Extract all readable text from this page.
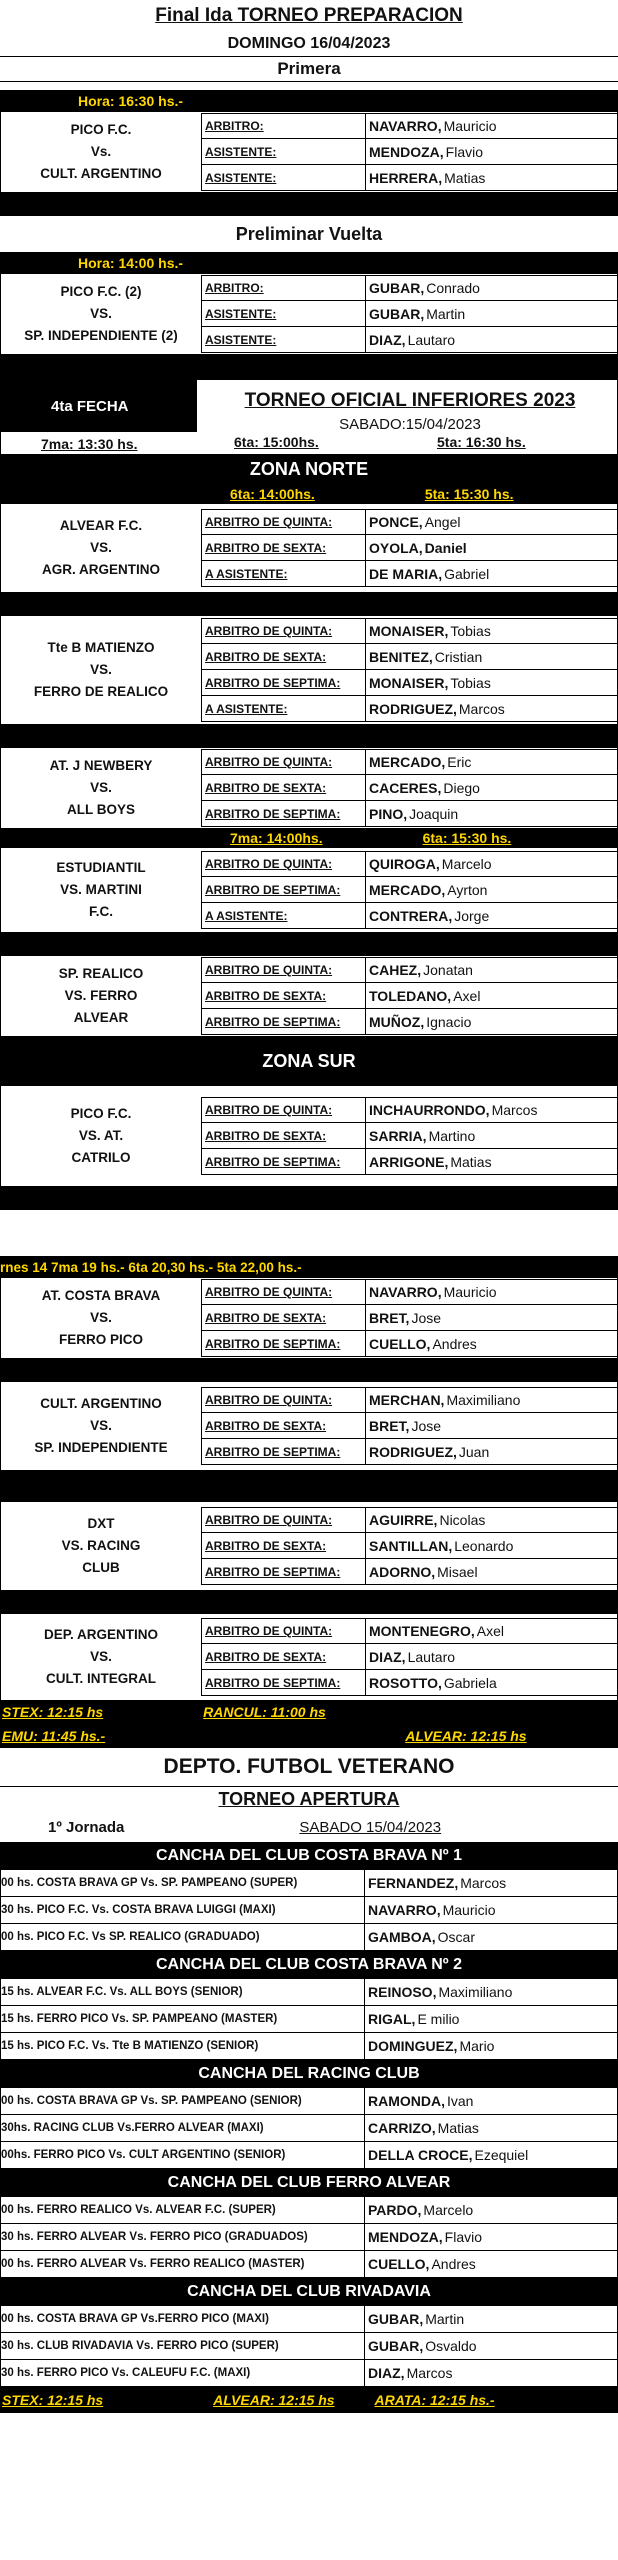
Final Ida TORNEO PREPARACION
DOMINGO 16/04/2023
Primera
Hora: 16:30 hs.-
PICO F.C.
Vs.
CULT. ARGENTINO
ARBITRO:	NAVARRO, Mauricio
ASISTENTE:	MENDOZA, Flavio
ASISTENTE:	HERRERA, Matias
Preliminar Vuelta
Hora: 14:00 hs.-
PICO F.C. (2)
VS.
SP. INDEPENDIENTE (2)
ARBITRO:	GUBAR, Conrado
ASISTENTE:	GUBAR, Martin
ASISTENTE:	DIAZ, Lautaro
4ta FECHA	TORNEO OFICIAL INFERIORES 2023
SABADO:15/04/2023
7ma: 13:30 hs.	6ta: 15:00hs.	5ta: 16:30 hs.
ZONA NORTE
6ta: 14:00hs.	5ta: 15:30 hs.
ALVEAR F.C.
VS.
AGR. ARGENTINO
ARBITRO DE QUINTA:	PONCE, Angel
ARBITRO DE SEXTA:	OYOLA, Daniel
A ASISTENTE:	DE MARIA, Gabriel
Tte B MATIENZO
VS.
FERRO DE REALICO
ARBITRO DE QUINTA:	MONAISER, Tobias
ARBITRO DE SEXTA:	BENITEZ, Cristian
ARBITRO DE SEPTIMA:	MONAISER, Tobias
A ASISTENTE:	RODRIGUEZ, Marcos
AT. J NEWBERY
VS.
ALL BOYS
ARBITRO DE QUINTA:	MERCADO, Eric
ARBITRO DE SEXTA:	CACERES, Diego
ARBITRO DE SEPTIMA:	PINO, Joaquin
7ma: 14:00hs.	6ta: 15:30 hs.
ESTUDIANTIL
VS. MARTINI
F.C.
ARBITRO DE QUINTA:	QUIROGA, Marcelo
ARBITRO DE SEPTIMA:	MERCADO, Ayrton
A ASISTENTE:	CONTRERA, Jorge
SP. REALICO
VS. FERRO
ALVEAR
ARBITRO DE QUINTA:	CAHEZ, Jonatan
ARBITRO DE SEXTA:	TOLEDANO, Axel
ARBITRO DE SEPTIMA:	MUÑOZ, Ignacio
ZONA SUR
PICO F.C.
VS. AT.
CATRILO
ARBITRO DE QUINTA:	INCHAURRONDO, Marcos
ARBITRO DE SEXTA:	SARRIA, Martino
ARBITRO DE SEPTIMA:	ARRIGONE, Matias
rnes 14 7ma 19 hs.- 6ta 20,30 hs.- 5ta 22,00 hs.-
AT. COSTA BRAVA
VS.
FERRO PICO
ARBITRO DE QUINTA:	NAVARRO, Mauricio
ARBITRO DE SEXTA:	BRET, Jose
ARBITRO DE SEPTIMA:	CUELLO, Andres
CULT. ARGENTINO
VS.
SP. INDEPENDIENTE
ARBITRO DE QUINTA:	MERCHAN, Maximiliano
ARBITRO DE SEXTA:	BRET, Jose
ARBITRO DE SEPTIMA:	RODRIGUEZ, Juan
DXT
VS. RACING
CLUB
ARBITRO DE QUINTA:	AGUIRRE, Nicolas
ARBITRO DE SEXTA:	SANTILLAN, Leonardo
ARBITRO DE SEPTIMA:	ADORNO, Misael
DEP. ARGENTINO
VS.
CULT. INTEGRAL
ARBITRO DE QUINTA:	MONTENEGRO, Axel
ARBITRO DE SEXTA:	DIAZ, Lautaro
ARBITRO DE SEPTIMA:	ROSOTTO, Gabriela
STEX: 12:15 hs	RANCUL: 11:00 hs
EMU: 11:45 hs.-	ALVEAR: 12:15 hs
DEPTO. FUTBOL VETERANO
TORNEO APERTURA
1º Jornada	SABADO 15/04/2023
CANCHA DEL CLUB COSTA BRAVA Nº 1
00 hs. COSTA BRAVA GP Vs. SP. PAMPEANO (SUPER)	FERNANDEZ, Marcos
30 hs. PICO F.C. Vs. COSTA BRAVA LUIGGI (MAXI)	NAVARRO, Mauricio
00 hs. PICO F.C. Vs SP. REALICO (GRADUADO)	GAMBOA, Oscar
CANCHA DEL CLUB COSTA BRAVA Nº 2
15 hs. ALVEAR F.C. Vs. ALL BOYS (SENIOR)	REINOSO, Maximiliano
15 hs. FERRO PICO Vs. SP. PAMPEANO (MASTER)	RIGAL, E milio
15 hs. PICO F.C. Vs. Tte B MATIENZO (SENIOR)	DOMINGUEZ, Mario
CANCHA DEL RACING CLUB
00 hs. COSTA BRAVA GP Vs. SP. PAMPEANO (SENIOR)	RAMONDA, Ivan
30hs. RACING CLUB Vs.FERRO ALVEAR (MAXI)	CARRIZO, Matias
00hs. FERRO PICO Vs. CULT ARGENTINO (SENIOR)	DELLA CROCE, Ezequiel
CANCHA DEL CLUB FERRO ALVEAR
00 hs. FERRO REALICO Vs. ALVEAR F.C. (SUPER)	PARDO, Marcelo
30 hs. FERRO ALVEAR Vs. FERRO PICO (GRADUADOS)	MENDOZA, Flavio
00 hs. FERRO ALVEAR Vs. FERRO REALICO (MASTER)	CUELLO, Andres
CANCHA DEL CLUB RIVADAVIA
00 hs. COSTA BRAVA GP Vs.FERRO PICO (MAXI)	GUBAR, Martin
30 hs. CLUB RIVADAVIA Vs. FERRO PICO (SUPER)	GUBAR, Osvaldo
30 hs. FERRO PICO Vs. CALEUFU F.C. (MAXI)	DIAZ, Marcos
STEX: 12:15 hs	ALVEAR: 12:15 hs	ARATA: 12:15 hs.-
